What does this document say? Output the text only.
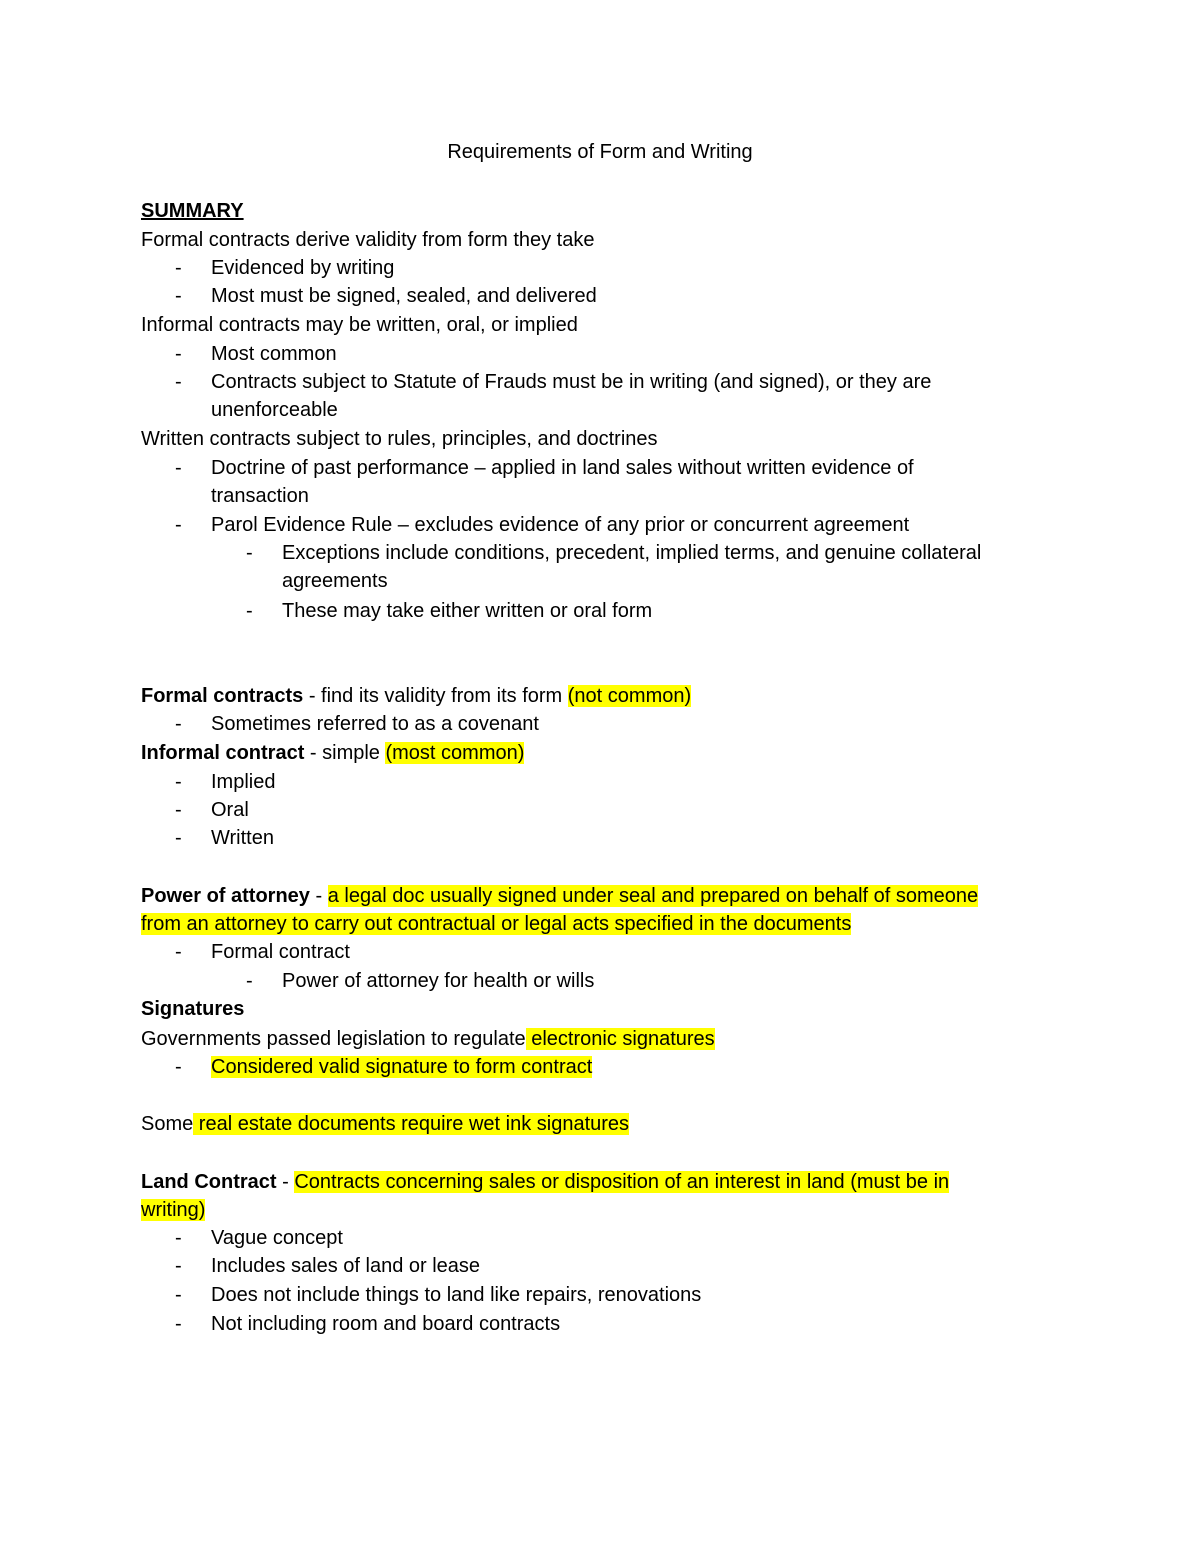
Requirements of Form and Writing
SUMMARY
Formal contracts derive validity from form they take
-	Evidenced by writing
-	Most must be signed, sealed, and delivered
Informal contracts may be written, oral, or implied
-	Most common
-	Contracts subject to Statute of Frauds must be in writing (and signed), or they are
unenforceable
Written contracts subject to rules, principles, and doctrines
-	Doctrine of past performance – applied in land sales without written evidence of
transaction
-	Parol Evidence Rule – excludes evidence of any prior or concurrent agreement
-	Exceptions include conditions, precedent, implied terms, and genuine collateral
agreements
-	These may take either written or oral form
Formal contracts - find its validity from its form (not common)
-	Sometimes referred to as a covenant
Informal contract - simple (most common)
-	Implied
-	Oral
-	Written
Power of attorney - a legal doc usually signed under seal and prepared on behalf of someone
from an attorney to carry out contractual or legal acts specified in the documents
-	Formal contract
-	Power of attorney for health or wills
Signatures
Governments passed legislation to regulate electronic signatures
-	Considered valid signature to form contract
Some real estate documents require wet ink signatures
Land Contract - Contracts concerning sales or disposition of an interest in land (must be in
writing)
-	Vague concept
-	Includes sales of land or lease
-	Does not include things to land like repairs, renovations
-	Not including room and board contracts
